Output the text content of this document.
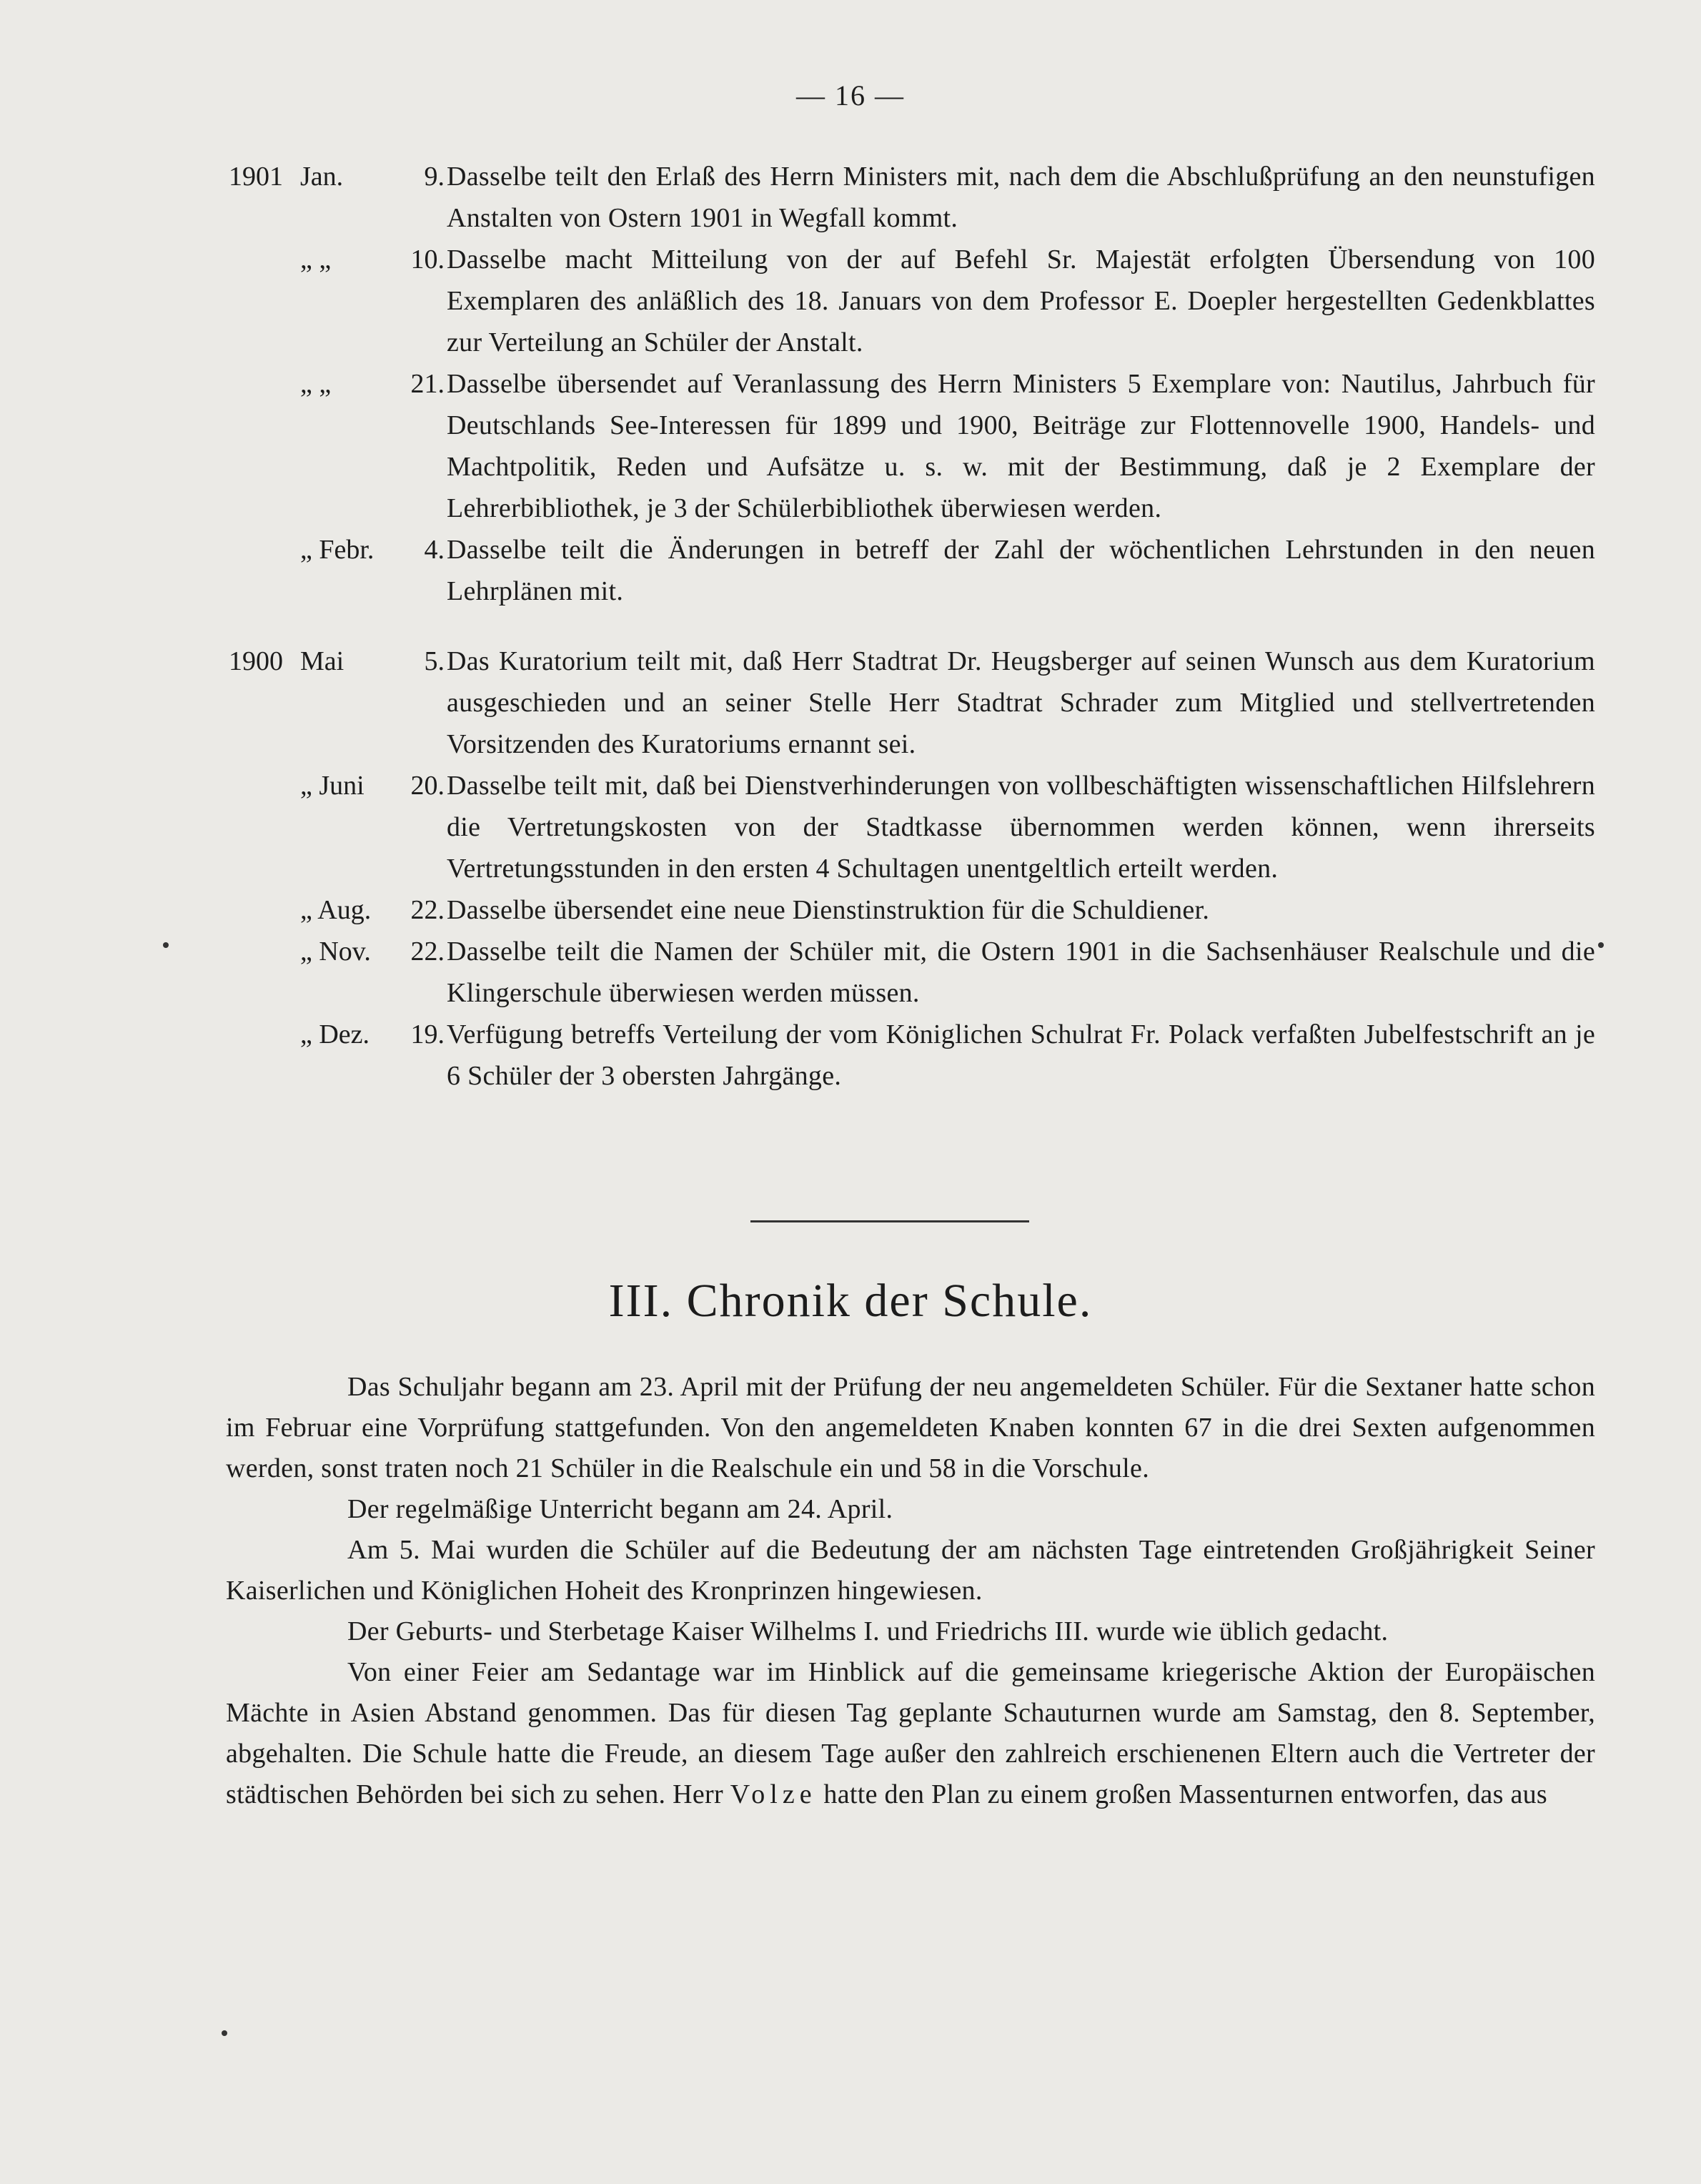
— 16 —
1901 Jan.	9. Dasselbe teilt den Erlaß des Herrn Ministers mit, nach dem die Abschlußprüfung an den neunstufigen Anstalten von Ostern 1901 in Wegfall kommt.
„ „	10. Dasselbe macht Mitteilung von der auf Befehl Sr. Majestät erfolgten Übersendung von 100 Exemplaren des anläßlich des 18. Januars von dem Professor E. Doepler hergestellten Gedenkblattes zur Verteilung an Schüler der Anstalt.
„ „	21. Dasselbe übersendet auf Veranlassung des Herrn Ministers 5 Exemplare von: Nautilus, Jahrbuch für Deutschlands See-Interessen für 1899 und 1900, Beiträge zur Flottennovelle 1900, Handels- und Machtpolitik, Reden und Aufsätze u. s. w. mit der Bestimmung, daß je 2 Exemplare der Lehrerbibliothek, je 3 der Schülerbibliothek überwiesen werden.
„ Febr.	4. Dasselbe teilt die Änderungen in betreff der Zahl der wöchentlichen Lehrstunden in den neuen Lehrplänen mit.
1900 Mai	5. Das Kuratorium teilt mit, daß Herr Stadtrat Dr. Heugsberger auf seinen Wunsch aus dem Kuratorium ausgeschieden und an seiner Stelle Herr Stadtrat Schrader zum Mitglied und stellvertretenden Vorsitzenden des Kuratoriums ernannt sei.
„ Juni	20. Dasselbe teilt mit, daß bei Dienstverhinderungen von vollbeschäftigten wissenschaftlichen Hilfslehrern die Vertretungskosten von der Stadtkasse übernommen werden können, wenn ihrerseits Vertretungsstunden in den ersten 4 Schultagen unentgeltlich erteilt werden.
„ Aug.	22. Dasselbe übersendet eine neue Dienstinstruktion für die Schuldiener.
„ Nov.	22. Dasselbe teilt die Namen der Schüler mit, die Ostern 1901 in die Sachsenhäuser Realschule und die Klingerschule überwiesen werden müssen.
„ Dez.	19. Verfügung betreffs Verteilung der vom Königlichen Schulrat Fr. Polack verfaßten Jubelfestschrift an je 6 Schüler der 3 obersten Jahrgänge.
III. Chronik der Schule.

Das Schuljahr begann am 23. April mit der Prüfung der neu angemeldeten Schüler. Für die Sextaner hatte schon im Februar eine Vorprüfung stattgefunden. Von den angemeldeten Knaben konnten 67 in die drei Sexten aufgenommen werden, sonst traten noch 21 Schüler in die Realschule ein und 58 in die Vorschule.

Der regelmäßige Unterricht begann am 24. April.

Am 5. Mai wurden die Schüler auf die Bedeutung der am nächsten Tage eintretenden Großjährigkeit Seiner Kaiserlichen und Königlichen Hoheit des Kronprinzen hingewiesen.

Der Geburts- und Sterbetage Kaiser Wilhelms I. und Friedrichs III. wurde wie üblich gedacht.

Von einer Feier am Sedantage war im Hinblick auf die gemeinsame kriegerische Aktion der Europäischen Mächte in Asien Abstand genommen. Das für diesen Tag geplante Schauturnen wurde am Samstag, den 8. September, abgehalten. Die Schule hatte die Freude, an diesem Tage außer den zahlreich erschienenen Eltern auch die Vertreter der städtischen Behörden bei sich zu sehen. Herr Volze hatte den Plan zu einem großen Massenturnen entworfen, das aus
